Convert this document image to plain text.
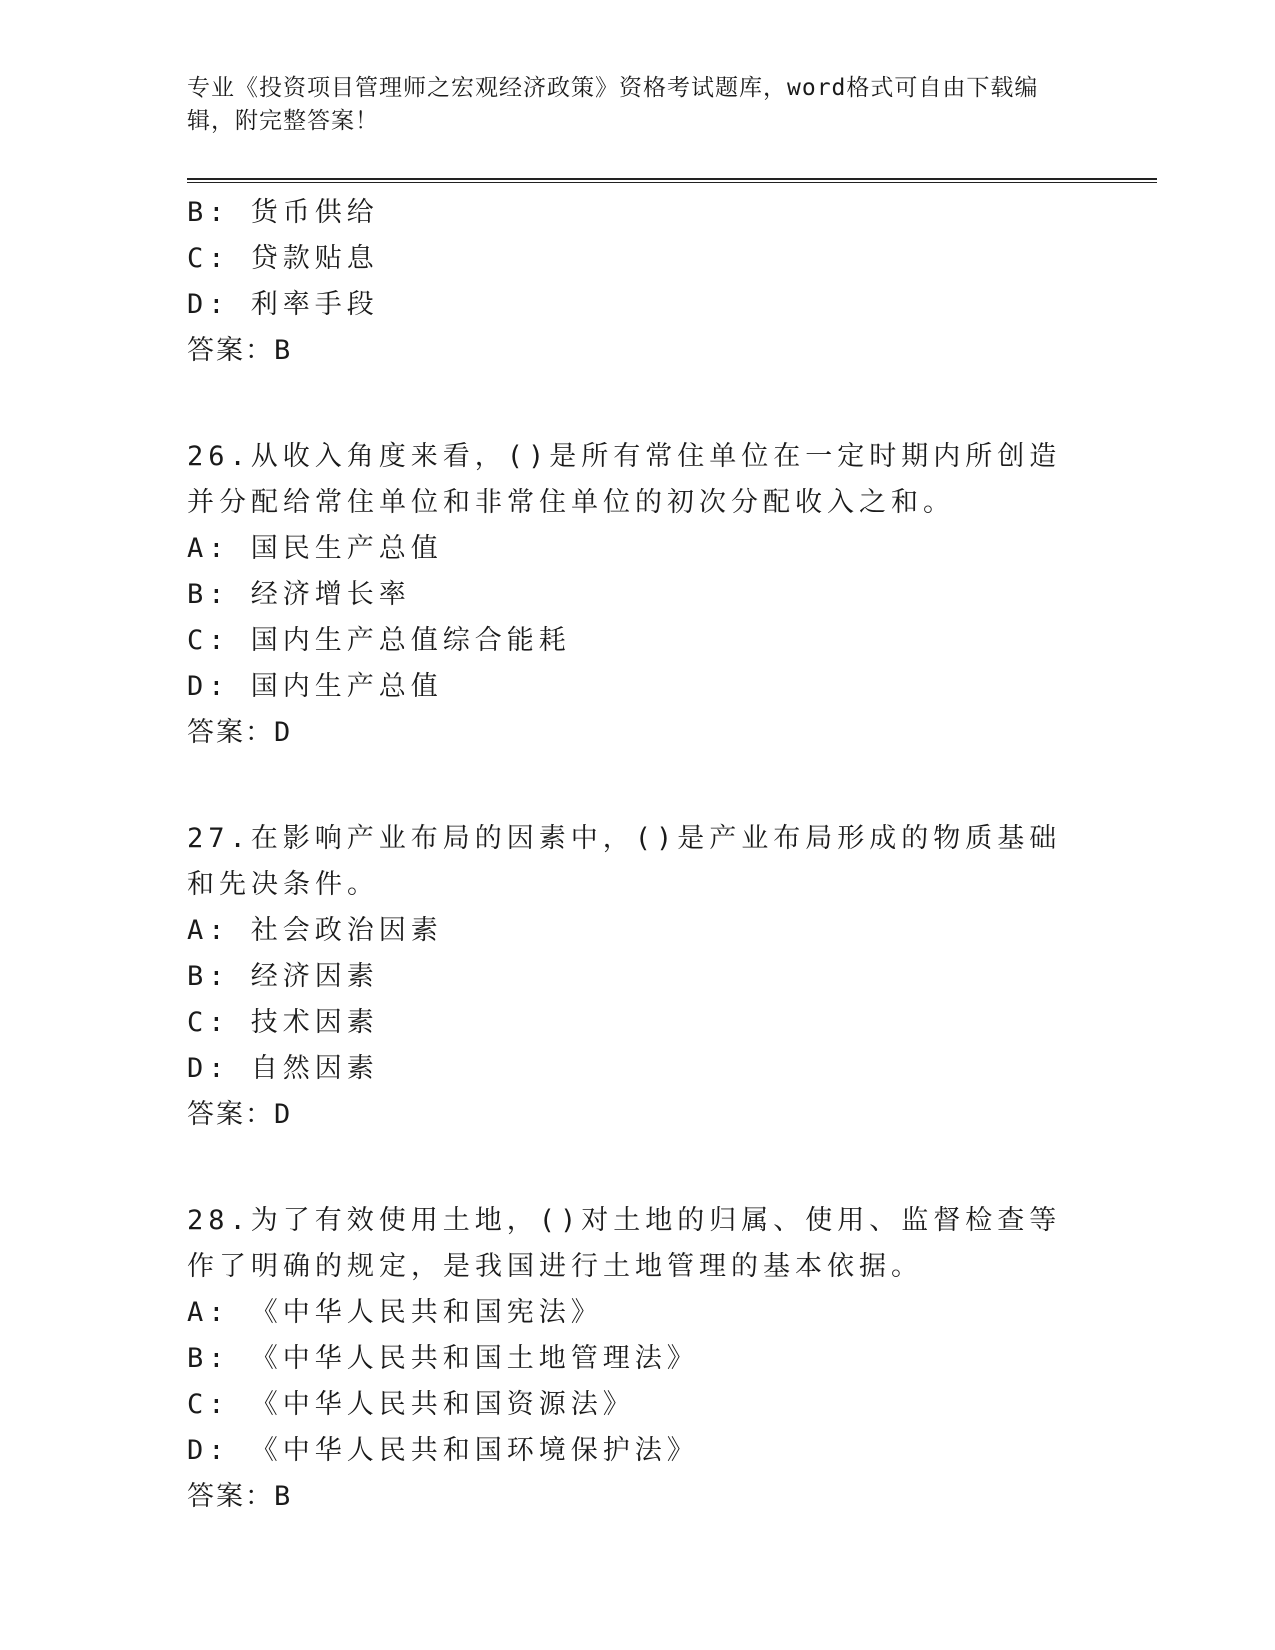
专业《投资项目管理师之宏观经济政策》资格考试题库，word格式可自由下载编辑，附完整答案！
B: 货币供给
C: 贷款贴息
D: 利率手段
答案：B
26.从收入角度来看，()是所有常住单位在一定时期内所创造并分配给常住单位和非常住单位的初次分配收入之和。
A: 国民生产总值
B: 经济增长率
C: 国内生产总值综合能耗
D: 国内生产总值
答案：D
27.在影响产业布局的因素中，()是产业布局形成的物质基础和先决条件。
A: 社会政治因素
B: 经济因素
C: 技术因素
D: 自然因素
答案：D
28.为了有效使用土地，()对土地的归属、使用、监督检查等作了明确的规定，是我国进行土地管理的基本依据。
A: 《中华人民共和国宪法》
B: 《中华人民共和国土地管理法》
C: 《中华人民共和国资源法》
D: 《中华人民共和国环境保护法》
答案：B
